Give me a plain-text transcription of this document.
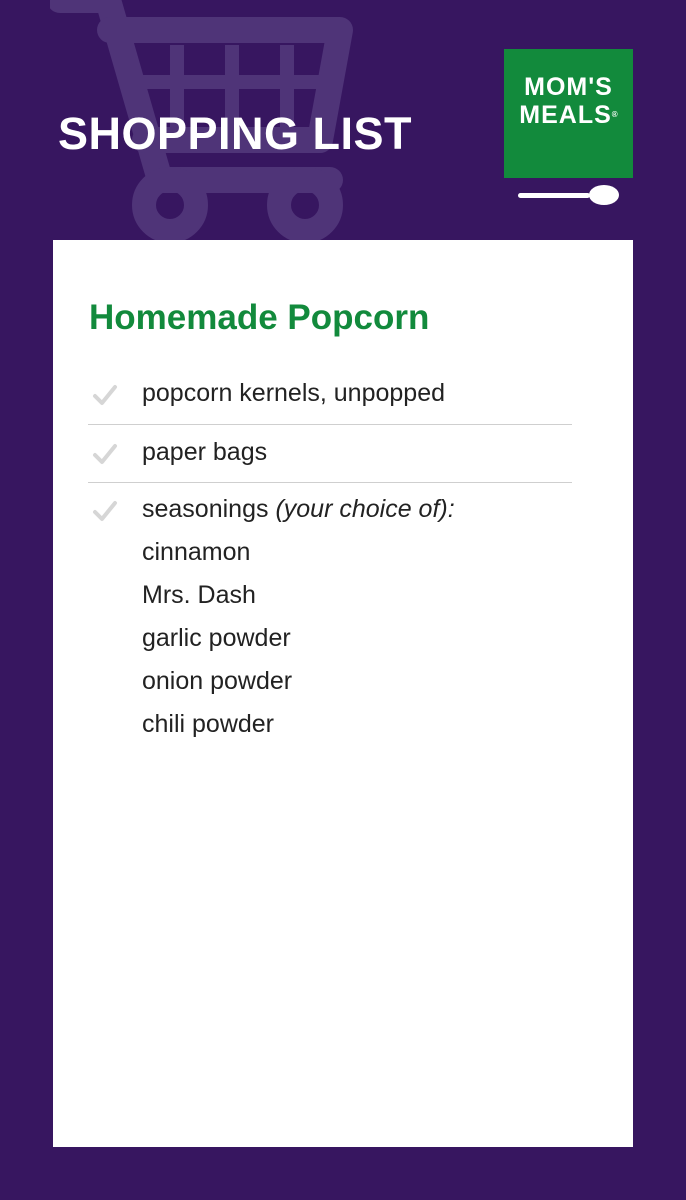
SHOPPING LIST
MOM'S
MEALS®
Homemade Popcorn
popcorn kernels, unpopped
paper bags
seasonings (your choice of):
cinnamon
Mrs. Dash
garlic powder
onion powder
chili powder
